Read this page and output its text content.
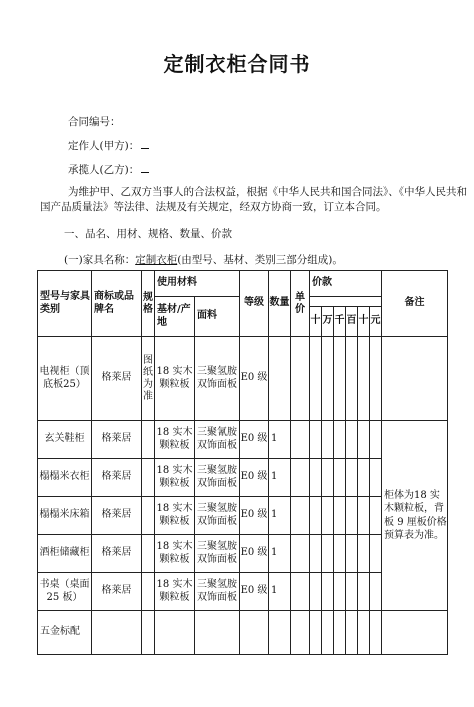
定制衣柜合同书
合同编号：
定作人(甲方)：
承揽人(乙方)：
为维护甲、乙双方当事人的合法权益，根据《中华人民共和国合同法》、《中华人民共和
国产品质量法》等法律、法规及有关规定，经双方协商一致，订立本合同。
一、品名、用材、规格、数量、价款
(一)家具名称：定制衣柜(由型号、基材、类别三部分组成)。
型号与家具类别	商标或品牌名	规格	使用材料		等级	数量	单价	价款						备注
			基材/产地	面料										
								十	万	千	百	十	元	
电视柜（顶底板25）	格莱居	图纸为准	18 实木颗粒板	三聚氢胺双饰面板	E0 级									
玄关鞋柜	格莱居		18 实木颗粒板	三聚氰胺双饰面板	E0 级	1								柜体为18 实木颗粒板，背板 9 厘板价格预算表为准。
榻榻米衣柜	格莱居		18 实木颗粒板	三聚氢胺双饰面板	E0 级	1								
榻榻米床箱	格莱居		18 实木颗粒板	三聚氢胺双饰面板	E0 级	1								
酒柜储藏柜	格莱居		18 实木颗粒板	三聚氢胺双饰面板	E0 级	1								
书桌（桌面 25 板）	格莱居		18 实木颗粒板	三聚氢胺双饰面板	E0 级	1								
五金标配														
